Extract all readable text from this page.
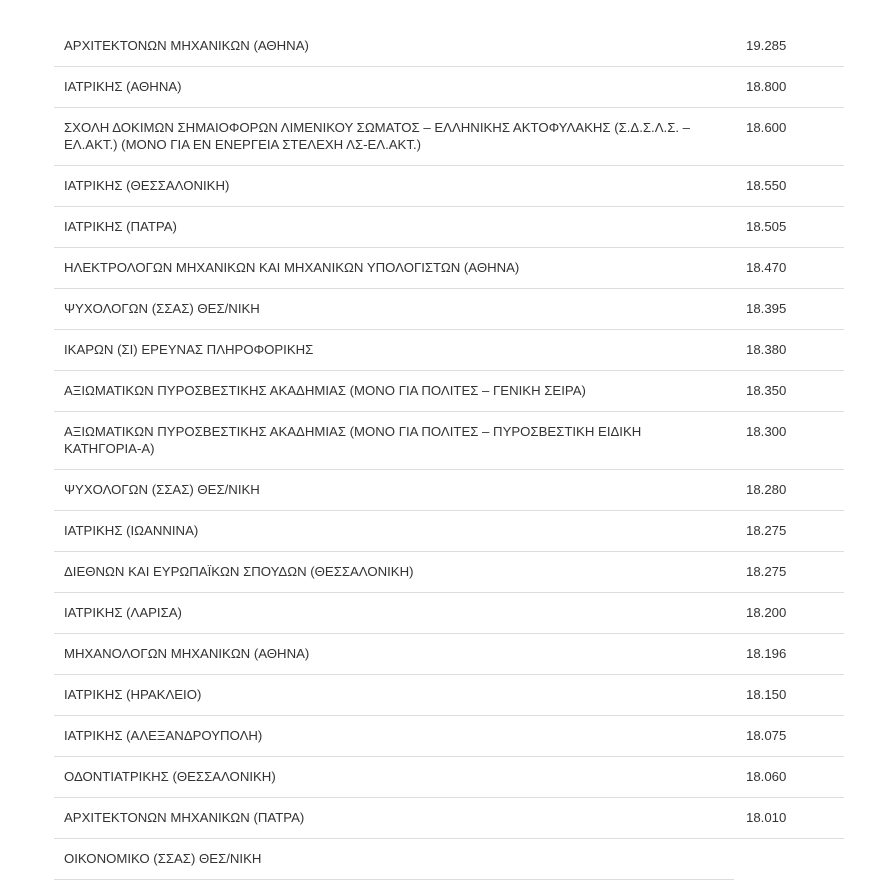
ΑΡΧΙΤΕΚΤΟΝΩΝ ΜΗΧΑΝΙΚΩΝ (ΑΘΗΝΑ)	19.285
ΙΑΤΡΙΚΗΣ (ΑΘΗΝΑ)	18.800
ΣΧΟΛΗ ΔΟΚΙΜΩΝ ΣΗΜΑΙΟΦΟΡΩΝ ΛΙΜΕΝΙΚΟΥ ΣΩΜΑΤΟΣ – ΕΛΛΗΝΙΚΗΣ ΑΚΤΟΦΥΛΑΚΗΣ (Σ.Δ.Σ.Λ.Σ. – ΕΛ.ΑΚΤ.) (ΜΟΝΟ ΓΙΑ ΕΝ ΕΝΕΡΓΕΙΑ ΣΤΕΛΕΧΗ ΛΣ-ΕΛ.ΑΚΤ.)	18.600
ΙΑΤΡΙΚΗΣ (ΘΕΣΣΑΛΟΝΙΚΗ)	18.550
ΙΑΤΡΙΚΗΣ (ΠΑΤΡΑ)	18.505
ΗΛΕΚΤΡΟΛΟΓΩΝ ΜΗΧΑΝΙΚΩΝ ΚΑΙ ΜΗΧΑΝΙΚΩΝ ΥΠΟΛΟΓΙΣΤΩΝ (ΑΘΗΝΑ)	18.470
ΨΥΧΟΛΟΓΩΝ (ΣΣΑΣ) ΘΕΣ/ΝΙΚΗ	18.395
ΙΚΑΡΩΝ (ΣΙ) ΕΡΕΥΝΑΣ ΠΛΗΡΟΦΟΡΙΚΗΣ	18.380
ΑΞΙΩΜΑΤΙΚΩΝ ΠΥΡΟΣΒΕΣΤΙΚΗΣ ΑΚΑΔΗΜΙΑΣ (ΜΟΝΟ ΓΙΑ ΠΟΛΙΤΕΣ – ΓΕΝΙΚΗ ΣΕΙΡΑ)	18.350
ΑΞΙΩΜΑΤΙΚΩΝ ΠΥΡΟΣΒΕΣΤΙΚΗΣ ΑΚΑΔΗΜΙΑΣ (ΜΟΝΟ ΓΙΑ ΠΟΛΙΤΕΣ – ΠΥΡΟΣΒΕΣΤΙΚΗ ΕΙΔΙΚΗ ΚΑΤΗΓΟΡΙΑ-Α)	18.300
ΨΥΧΟΛΟΓΩΝ (ΣΣΑΣ) ΘΕΣ/ΝΙΚΗ	18.280
ΙΑΤΡΙΚΗΣ (ΙΩΑΝΝΙΝΑ)	18.275
ΔΙΕΘΝΩΝ ΚΑΙ ΕΥΡΩΠΑΪΚΩΝ ΣΠΟΥΔΩΝ (ΘΕΣΣΑΛΟΝΙΚΗ)	18.275
ΙΑΤΡΙΚΗΣ (ΛΑΡΙΣΑ)	18.200
ΜΗΧΑΝΟΛΟΓΩΝ ΜΗΧΑΝΙΚΩΝ (ΑΘΗΝΑ)	18.196
ΙΑΤΡΙΚΗΣ (ΗΡΑΚΛΕΙΟ)	18.150
ΙΑΤΡΙΚΗΣ (ΑΛΕΞΑΝΔΡΟΥΠΟΛΗ)	18.075
ΟΔΟΝΤΙΑΤΡΙΚΗΣ (ΘΕΣΣΑΛΟΝΙΚΗ)	18.060
ΑΡΧΙΤΕΚΤΟΝΩΝ ΜΗΧΑΝΙΚΩΝ (ΠΑΤΡΑ)	18.010
ΟΙΚΟΝΟΜΙΚΟ (ΣΣΑΣ) ΘΕΣ/ΝΙΚΗ	
